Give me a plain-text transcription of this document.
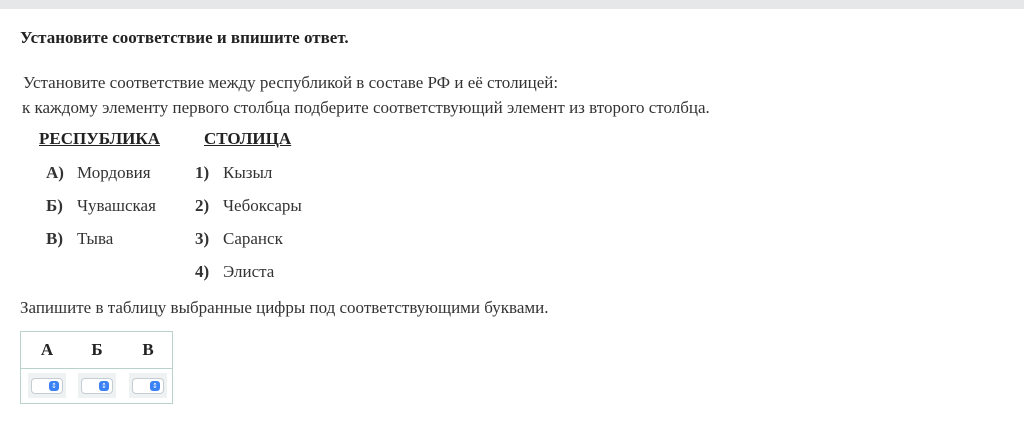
Установите соответствие и впишите ответ.
Установите соответствие между республикой в составе РФ и её столицей:
к каждому элементу первого столбца подберите соответствующий элемент из второго столбца.
РЕСПУБЛИКА	СТОЛИЦА
А) Мордовия
Б) Чувашская
В) Тыва
1) Кызыл
2) Чебоксары
3) Саранск
4) Элиста
Запишите в таблицу выбранные цифры под соответствующими буквами.
А	Б	В
↕	↕	↕
